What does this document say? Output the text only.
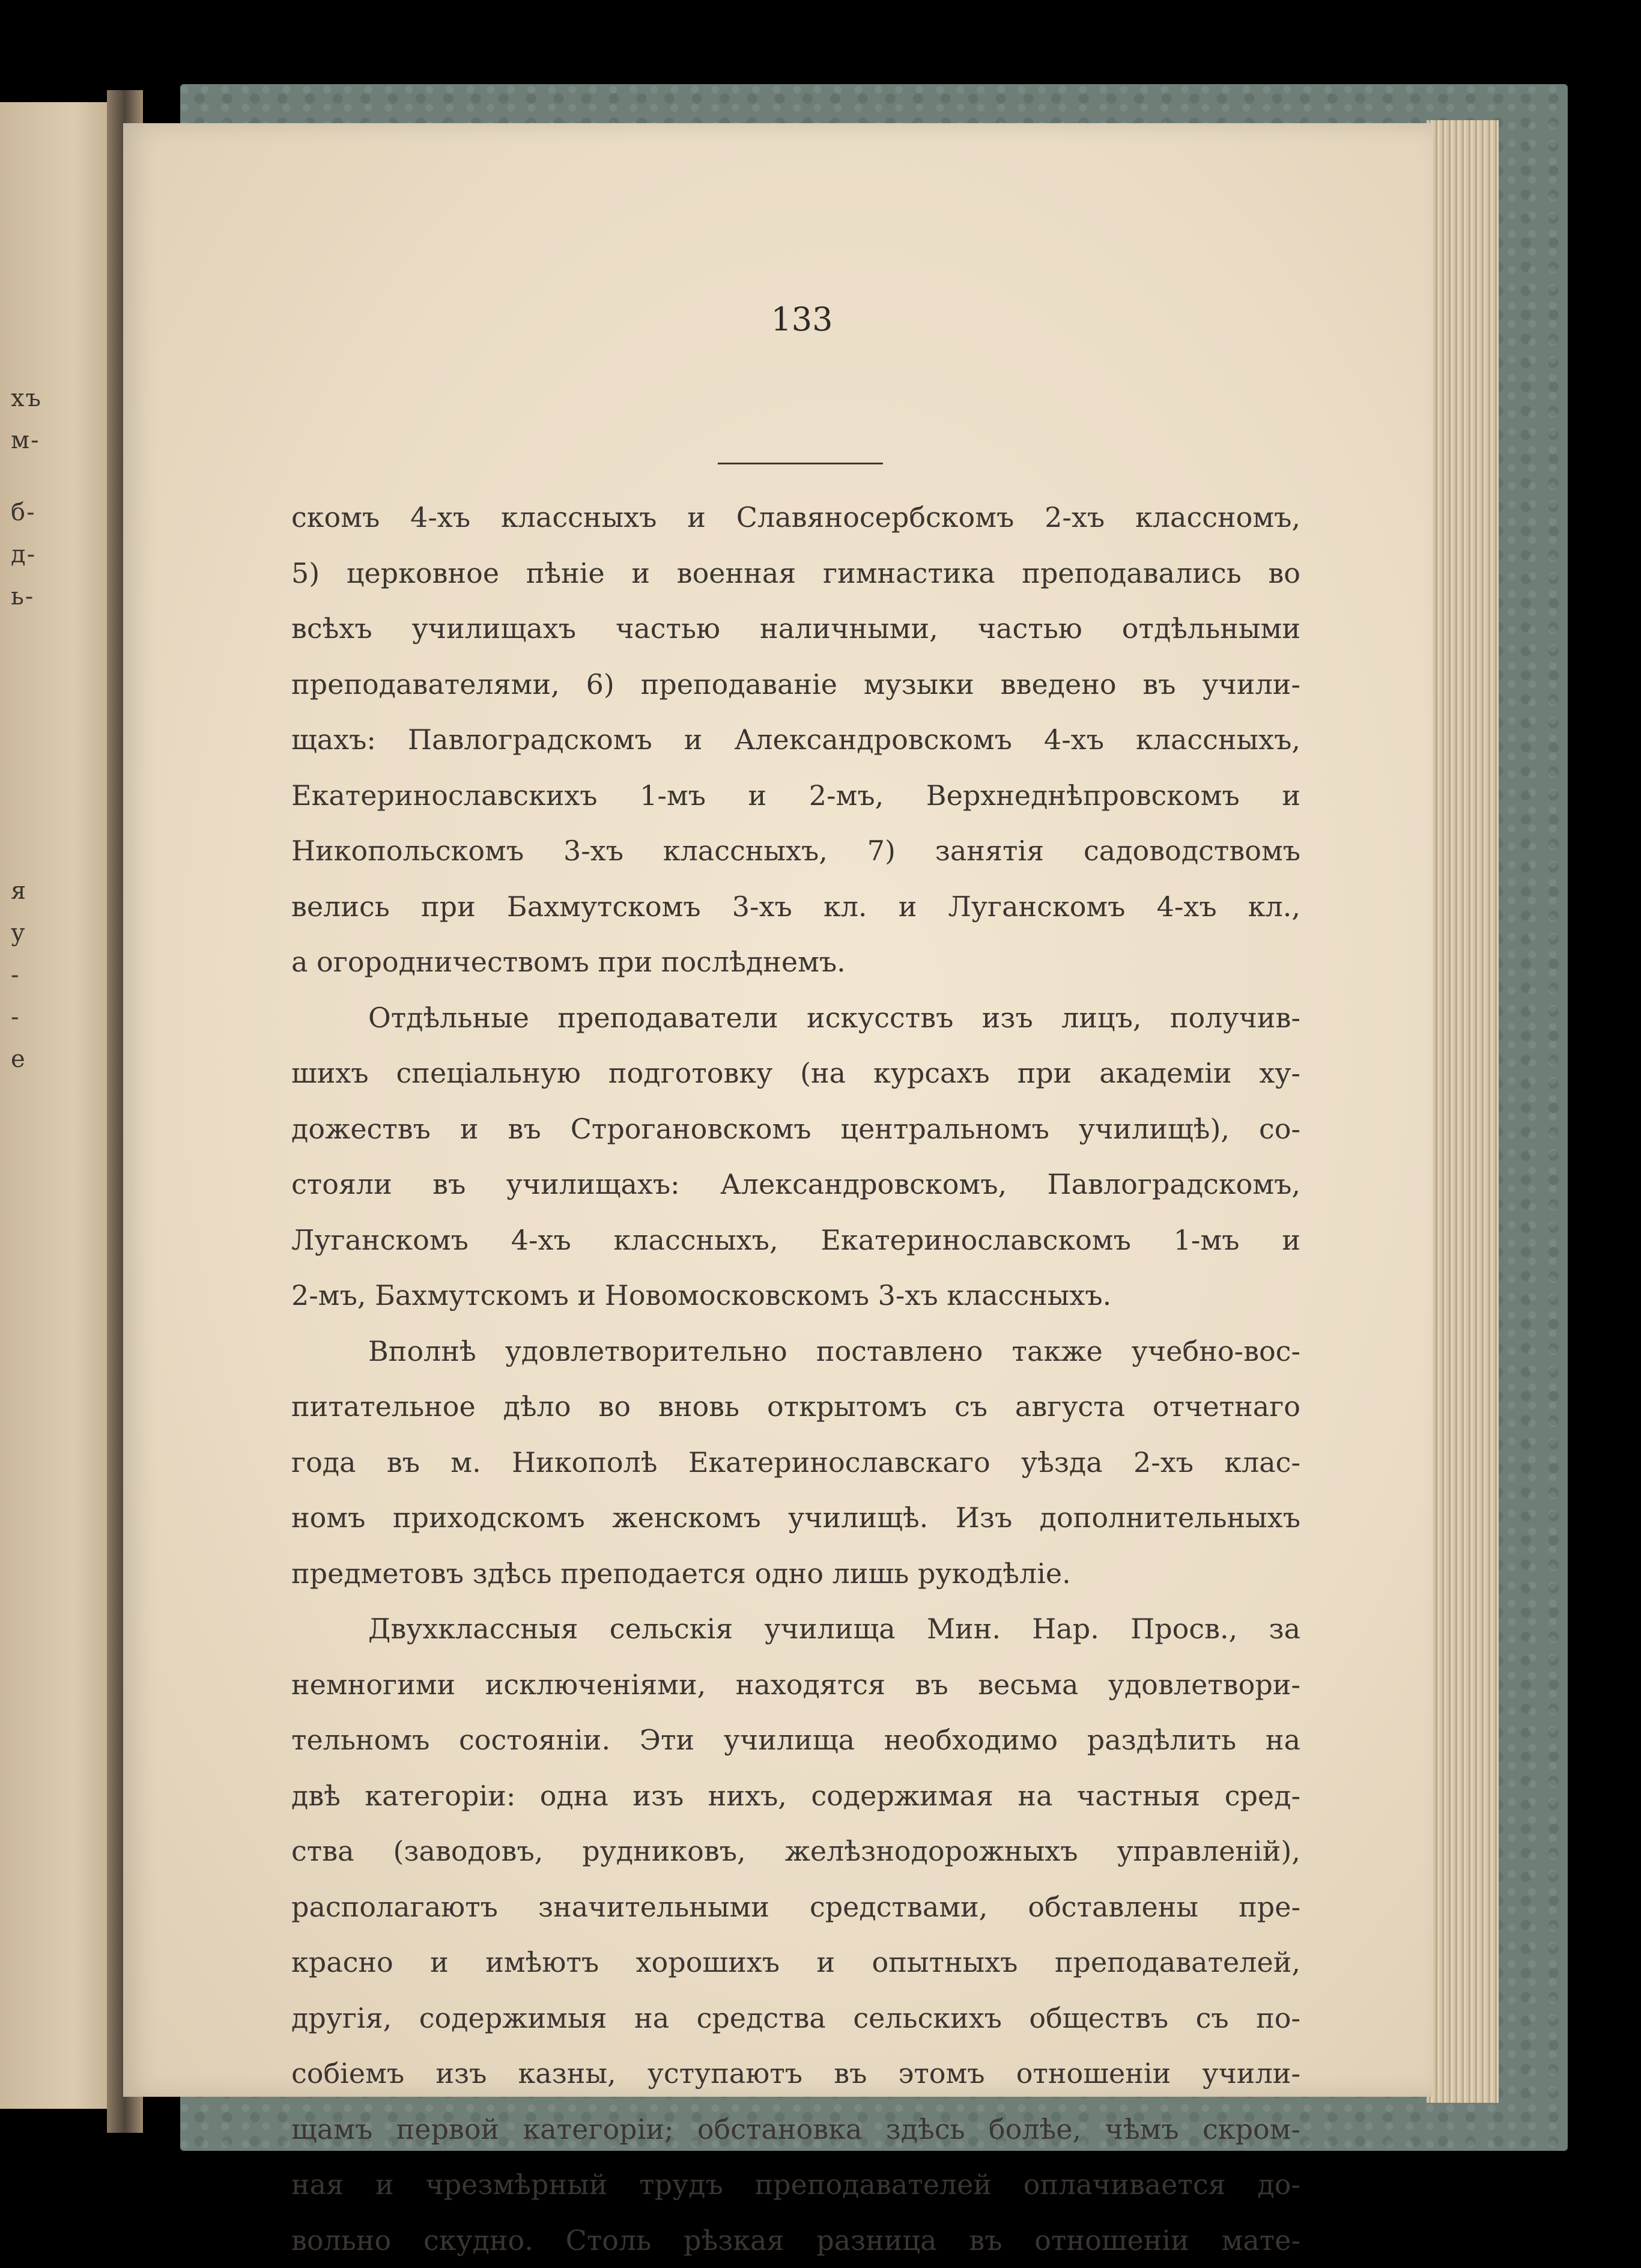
хъ
м-
б-
д-
ь-
я
у
-
-
е
133
скомъ 4-хъ классныхъ и Славяносербскомъ 2-хъ классномъ,
5) церковное пѣніе и военная гимнастика преподавались во
всѣхъ училищахъ частью наличными, частью отдѣльными
преподавателями, 6) преподаваніе музыки введено въ учили-
щахъ: Павлоградскомъ и Александровскомъ 4-хъ классныхъ,
Екатеринославскихъ 1-мъ и 2-мъ, Верхнеднѣпровскомъ и
Никопольскомъ 3-хъ классныхъ, 7) занятія садоводствомъ
велись при Бахмутскомъ 3-хъ кл. и Луганскомъ 4-хъ кл.,
а огородничествомъ при послѣднемъ.
Отдѣльные преподаватели искусствъ изъ лицъ, получив-
шихъ спеціальную подготовку (на курсахъ при академіи ху-
дожествъ и въ Строгановскомъ центральномъ училищѣ), со-
стояли въ училищахъ: Александровскомъ, Павлоградскомъ,
Луганскомъ 4-хъ классныхъ, Екатеринославскомъ 1-мъ и
2-мъ, Бахмутскомъ и Новомосковскомъ 3-хъ классныхъ.
Вполнѣ удовлетворительно поставлено также учебно-вос-
питательное дѣло во вновь открытомъ съ августа отчетнаго
года въ м. Никополѣ Екатеринославскаго уѣзда 2-хъ клас-
номъ приходскомъ женскомъ училищѣ. Изъ дополнительныхъ
предметовъ здѣсь преподается одно лишь рукодѣліе.
Двухклассныя сельскія училища Мин. Нар. Просв., за
немногими исключеніями, находятся въ весьма удовлетвори-
тельномъ состояніи. Эти училища необходимо раздѣлить на
двѣ категоріи: одна изъ нихъ, содержимая на частныя сред-
ства (заводовъ, рудниковъ, желѣзнодорожныхъ управленій),
располагаютъ значительными средствами, обставлены пре-
красно и имѣютъ хорошихъ и опытныхъ преподавателей,
другія, содержимыя на средства сельскихъ обществъ съ по-
собіемъ изъ казны, уступаютъ въ этомъ отношеніи учили-
щамъ первой категоріи; обстановка здѣсь болѣе, чѣмъ скром-
ная и чрезмѣрный трудъ преподавателей оплачивается до-
вольно скудно. Столь рѣзкая разница въ отношеніи мате-
